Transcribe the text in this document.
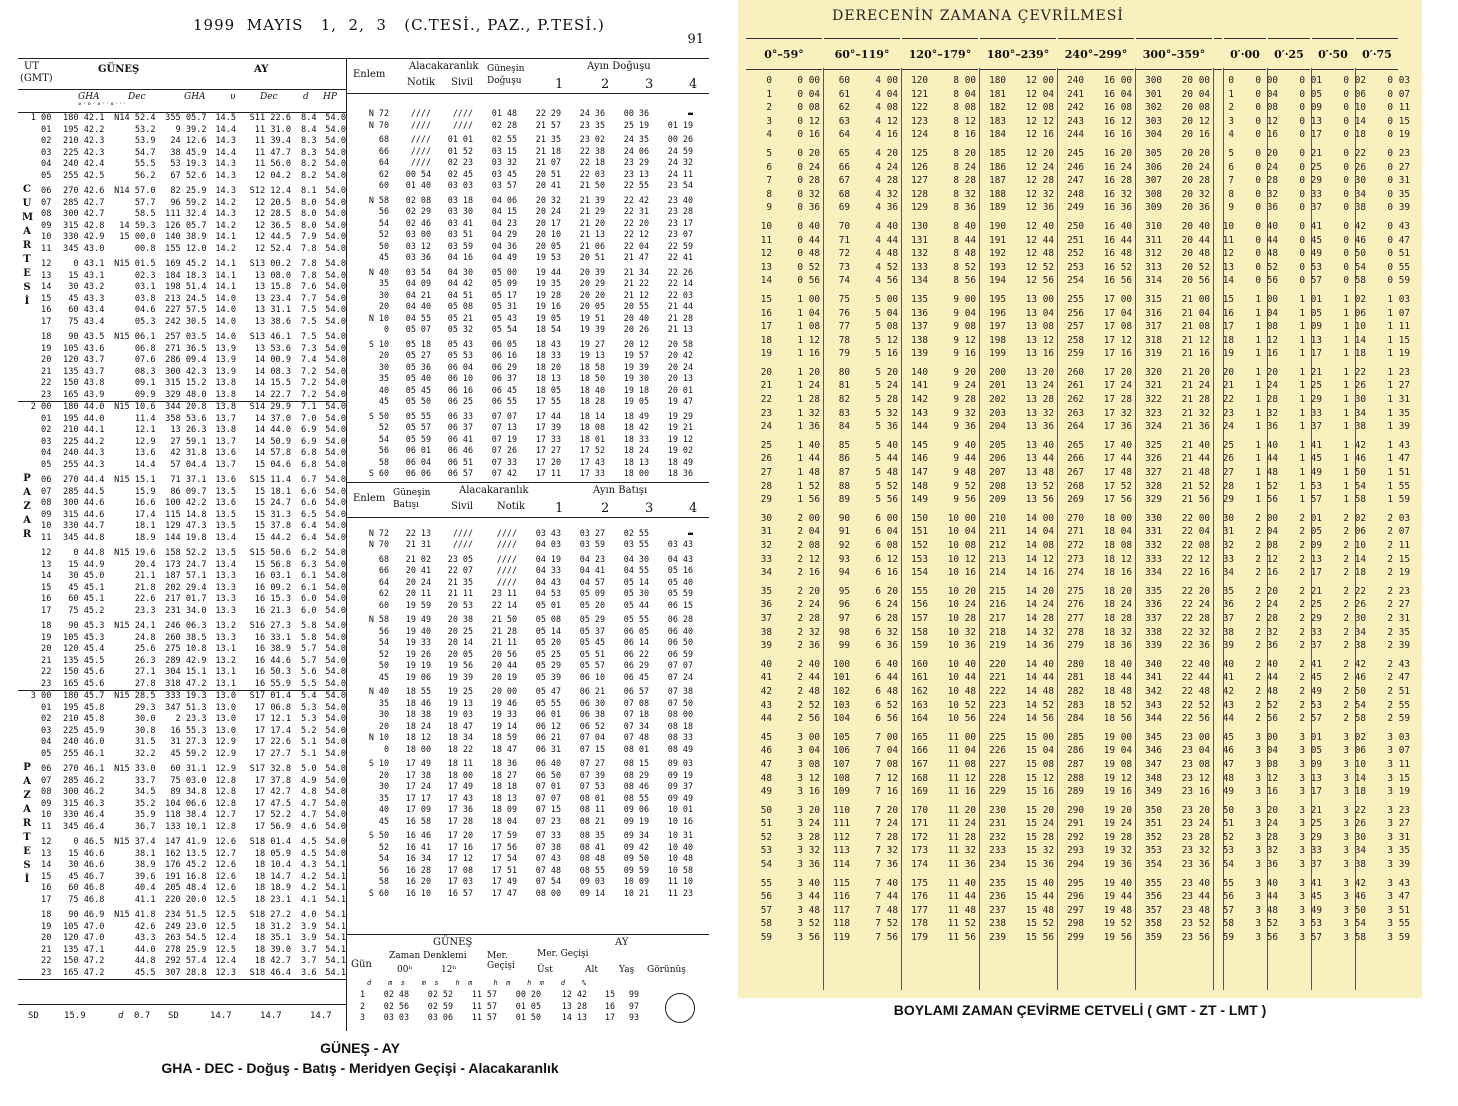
1999  MAYIS   1,  2,  3   (C.TESİ., PAZ., P.TESİ.)
91
UT
(GMT)
GÜNEŞ	AY
GHA	Dec	GHA	υ	Dec	d HP
° ′ ° ′ ° ′ ′ ° ′ ′ ′
1 00	180 42.1	N14 52.4	355 05.7	14.5	S11 22.6	8.4	54.0
01	195 42.2	53.2	9 39.2	14.4	11 31.0	8.4	54.0
02	210 42.3	53.9	24 12.6	14.3	11 39.4	8.3	54.0
03	225 42.3	54.7	38 45.9	14.4	11 47.7	8.3	54.0
04	240 42.4	55.5	53 19.3	14.3	11 56.0	8.2	54.0
05	255 42.5	56.2	67 52.6	14.3	12 04.2	8.2	54.0
06	270 42.6	N14 57.0	82 25.9	14.3	S12 12.4	8.1	54.0
07	285 42.7	57.7	96 59.2	14.2	12 20.5	8.0	54.0
08	300 42.7	58.5	111 32.4	14.3	12 28.5	8.0	54.0
09	315 42.8	14 59.3	126 05.7	14.2	12 36.5	8.0	54.0
10	330 42.9	15 00.0	140 38.9	14.1	12 44.5	7.9	54.0
11	345 43.0	00.8	155 12.0	14.2	12 52.4	7.8	54.0
12	0 43.1	N15 01.5	169 45.2	14.1	S13 00.2	7.8	54.0
13	15 43.1	02.3	184 18.3	14.1	13 08.0	7.8	54.0
14	30 43.2	03.1	198 51.4	14.1	13 15.8	7.6	54.0
15	45 43.3	03.8	213 24.5	14.0	13 23.4	7.7	54.0
16	60 43.4	04.6	227 57.5	14.0	13 31.1	7.5	54.0
17	75 43.4	05.3	242 30.5	14.0	13 38.6	7.5	54.0
18	90 43.5	N15 06.1	257 03.5	14.0	S13 46.1	7.5	54.0
19	105 43.6	06.8	271 36.5	13.9	13 53.6	7.3	54.0
20	120 43.7	07.6	286 09.4	13.9	14 00.9	7.4	54.0
21	135 43.7	08.3	300 42.3	13.9	14 08.3	7.2	54.0
22	150 43.8	09.1	315 15.2	13.8	14 15.5	7.2	54.0
23	165 43.9	09.9	329 48.0	13.8	14 22.7	7.2	54.0
C U M A R T E S İ
2 00	180 44.0	N15 10.6	344 20.8	13.8	S14 29.9	7.1	54.0
01	195 44.0	11.4	358 53.6	13.7	14 37.0	7.0	54.0
02	210 44.1	12.1	13 26.3	13.8	14 44.0	6.9	54.0
03	225 44.2	12.9	27 59.1	13.7	14 50.9	6.9	54.0
04	240 44.3	13.6	42 31.8	13.6	14 57.8	6.8	54.0
05	255 44.3	14.4	57 04.4	13.7	15 04.6	6.8	54.0
06	270 44.4	N15 15.1	71 37.1	13.6	S15 11.4	6.7	54.0
07	285 44.5	15.9	86 09.7	13.5	15 18.1	6.6	54.0
08	300 44.6	16.6	100 42.2	13.6	15 24.7	6.6	54.0
09	315 44.6	17.4	115 14.8	13.5	15 31.3	6.5	54.0
10	330 44.7	18.1	129 47.3	13.5	15 37.8	6.4	54.0
11	345 44.8	18.9	144 19.8	13.4	15 44.2	6.4	54.0
12	0 44.8	N15 19.6	158 52.2	13.5	S15 50.6	6.2	54.0
13	15 44.9	20.4	173 24.7	13.4	15 56.8	6.3	54.0
14	30 45.0	21.1	187 57.1	13.3	16 03.1	6.1	54.0
15	45 45.1	21.8	202 29.4	13.3	16 09.2	6.1	54.0
16	60 45.1	22.6	217 01.7	13.3	16 15.3	6.0	54.0
17	75 45.2	23.3	231 34.0	13.3	16 21.3	6.0	54.0
18	90 45.3	N15 24.1	246 06.3	13.2	S16 27.3	5.8	54.0
19	105 45.3	24.8	260 38.5	13.3	16 33.1	5.8	54.0
20	120 45.4	25.6	275 10.8	13.1	16 38.9	5.7	54.0
21	135 45.5	26.3	289 42.9	13.2	16 44.6	5.7	54.0
22	150 45.6	27.1	304 15.1	13.1	16 50.3	5.6	54.0
23	165 45.6	27.8	318 47.2	13.1	16 55.9	5.5	54.0
P A Z A R
3 00	180 45.7	N15 28.5	333 19.3	13.0	S17 01.4	5.4	54.0
01	195 45.8	29.3	347 51.3	13.0	17 06.8	5.3	54.0
02	210 45.8	30.0	2 23.3	13.0	17 12.1	5.3	54.0
03	225 45.9	30.8	16 55.3	13.0	17 17.4	5.2	54.0
04	240 46.0	31.5	31 27.3	12.9	17 22.6	5.1	54.0
05	255 46.1	32.2	45 59.2	12.9	17 27.7	5.1	54.0
06	270 46.1	N15 33.0	60 31.1	12.9	S17 32.8	5.0	54.0
07	285 46.2	33.7	75 03.0	12.8	17 37.8	4.9	54.0
08	300 46.2	34.5	89 34.8	12.8	17 42.7	4.8	54.0
09	315 46.3	35.2	104 06.6	12.8	17 47.5	4.7	54.0
10	330 46.4	35.9	118 38.4	12.7	17 52.2	4.7	54.0
11	345 46.4	36.7	133 10.1	12.8	17 56.9	4.6	54.0
12	0 46.5	N15 37.4	147 41.9	12.6	S18 01.4	4.5	54.0
13	15 46.6	38.1	162 13.5	12.7	18 05.9	4.5	54.0
14	30 46.6	38.9	176 45.2	12.6	18 10.4	4.3	54.1
15	45 46.7	39.6	191 16.8	12.6	18 14.7	4.2	54.1
16	60 46.8	40.4	205 48.4	12.6	18 18.9	4.2	54.1
17	75 46.8	41.1	220 20.0	12.5	18 23.1	4.1	54.1
18	90 46.9	N15 41.8	234 51.5	12.5	S18 27.2	4.0	54.1
19	105 47.0	42.6	249 23.0	12.5	18 31.2	3.9	54.1
20	120 47.0	43.3	263 54.5	12.4	18 35.1	3.9	54.1
21	135 47.1	44.0	278 25.9	12.5	18 39.0	3.7	54.1
22	150 47.2	44.8	292 57.4	12.4	18 42.7	3.7	54.1
23	165 47.2	45.5	307 28.8	12.3	S18 46.4	3.6	54.1
P A Z A R T E S İ
SD	15.9	d 0.7 SD	14.7	14.7	14.7
Enlem
Alacakaranlık
Notik Sivil
Güneşin Doğuşu
Ayın Doğuşu
1	2	3	4
N 72	////	////	01 48	22 29	24 36	00 36	▬
N 70	////	////	02 28	21 57	23 35	25 19	01 19
68	////	01 01	02 55	21 35	23 02	24 35	00 26
66	////	01 52	03 15	21 18	22 38	24 06	24 59
64	////	02 23	03 32	21 07	22 18	23 29	24 32
62	00 54	02 45	03 45	20 51	22 03	23 13	24 11
60	01 40	03 03	03 57	20 41	21 50	22 55	23 54
N 58	02 08	03 18	04 06	20 32	21 39	22 42	23 40
56	02 29	03 30	04 15	20 24	21 29	22 31	23 28
54	02 46	03 41	04 23	20 17	21 20	22 20	23 17
52	03 00	03 51	04 29	20 10	21 13	22 12	23 07
50	03 12	03 59	04 36	20 05	21 06	22 04	22 59
45	03 36	04 16	04 49	19 53	20 51	21 47	22 41
N 40	03 54	04 30	05 00	19 44	20 39	21 34	22 26
35	04 09	04 42	05 09	19 35	20 29	21 22	22 14
30	04 21	04 51	05 17	19 28	20 20	21 12	22 03
20	04 40	05 08	05 31	19 16	20 05	20 55	21 44
N 10	04 55	05 21	05 43	19 05	19 51	20 40	21 28
0	05 07	05 32	05 54	18 54	19 39	20 26	21 13
S 10	05 18	05 43	06 05	18 43	19 27	20 12	20 58
20	05 27	05 53	06 16	18 33	19 13	19 57	20 42
30	05 36	06 04	06 29	18 20	18 58	19 39	20 24
35	05 40	06 10	06 37	18 13	18 50	19 30	20 13
40	05 45	06 16	06 45	18 05	18 40	19 18	20 01
45	05 50	06 25	06 55	17 55	18 28	19 05	19 47
S 50	05 55	06 33	07 07	17 44	18 14	18 49	19 29
52	05 57	06 37	07 13	17 39	18 08	18 42	19 21
54	05 59	06 41	07 19	17 33	18 01	18 33	19 12
56	06 01	06 46	07 26	17 27	17 52	18 24	19 02
58	06 04	06 51	07 33	17 20	17 43	18 13	18 49
S 60	06 06	06 57	07 42	17 11	17 33	18 00	18 36
Enlem Güneşin Batışı
Alacakaranlık
Sivil Notik
Ayın Batışı
1	2	3	4
N 72	22 13	////	////	03 43	03 27	02 55	▬
N 70	21 31	////	////	04 03	03 59	03 55	03 43
68	21 02	23 05	////	04 19	04 23	04 30	04 43
66	20 41	22 07	////	04 33	04 41	04 55	05 16
64	20 24	21 35	////	04 43	04 57	05 14	05 40
62	20 11	21 11	23 11	04 53	05 09	05 30	05 59
60	19 59	20 53	22 14	05 01	05 20	05 44	06 15
N 58	19 49	20 38	21 50	05 08	05 29	05 55	06 28
56	19 40	20 25	21 28	05 14	05 37	06 05	06 40
54	19 33	20 14	21 11	05 20	05 45	06 14	06 50
52	19 26	20 05	20 56	05 25	05 51	06 22	06 59
50	19 19	19 56	20 44	05 29	05 57	06 29	07 07
45	19 06	19 39	20 19	05 39	06 10	06 45	07 24
N 40	18 55	19 25	20 00	05 47	06 21	06 57	07 38
35	18 46	19 13	19 46	05 55	06 30	07 08	07 50
30	18 38	19 03	19 33	06 01	06 38	07 18	08 00
20	18 24	18 47	19 14	06 12	06 52	07 34	08 18
N 10	18 12	18 34	18 59	06 21	07 04	07 48	08 33
0	18 00	18 22	18 47	06 31	07 15	08 01	08 49
S 10	17 49	18 11	18 36	06 40	07 27	08 15	09 03
20	17 38	18 00	18 27	06 50	07 39	08 29	09 19
30	17 24	17 49	18 18	07 01	07 53	08 46	09 37
35	17 17	17 43	18 13	07 07	08 01	08 55	09 49
40	17 09	17 36	18 09	07 15	08 11	09 06	10 01
45	16 58	17 28	18 04	07 23	08 21	09 19	10 16
S 50	16 46	17 20	17 59	07 33	08 35	09 34	10 31
52	16 41	17 16	17 56	07 38	08 41	09 42	10 40
54	16 34	17 12	17 54	07 43	08 48	09 50	10 48
56	16 28	17 08	17 51	07 48	08 55	09 59	10 58
58	16 20	17 03	17 49	07 54	09 03	10 09	11 10
S 60	16 10	16 57	17 47	08 00	09 14	10 21	11 23
Gün
GÜNEŞ
Zaman Denklemi
00ʰ	12ʰ
Mer. Geçişi
AY
Mer. Geçişi
Üst	Alt Yaş Görünüş
d    m  s    m  s    h  m     h  m    h  m    d    %
1	02 48	02 52	11 57	00 20	12 42	15	99
2	02 56	02 59	11 57	01 05	13 28	16	97
3	03 03	03 06	11 57	01 50	14 13	17	93
GÜNEŞ - AY
GHA - DEC - Doğuş - Batış - Meridyen Geçişi - Alacakaranlık
DERECENİN ZAMANA ÇEVRİLMESİ
0°–59°	60°–119°	120°–179°	180°–239°	240°–299°	300°–359°	0′·00	0′·25	0′·50	0′·75
0	0 00	60	4 00	120	8 00	180	12 00	240	16 00	300	20 00	0	0 00	0 01	0 02	0 03
1	0 04	61	4 04	121	8 04	181	12 04	241	16 04	301	20 04	1	0 04	0 05	0 06	0 07
2	0 08	62	4 08	122	8 08	182	12 08	242	16 08	302	20 08	2	0 08	0 09	0 10	0 11
3	0 12	63	4 12	123	8 12	183	12 12	243	16 12	303	20 12	3	0 12	0 13	0 14	0 15
4	0 16	64	4 16	124	8 16	184	12 16	244	16 16	304	20 16	4	0 16	0 17	0 18	0 19
5	0 20	65	4 20	125	8 20	185	12 20	245	16 20	305	20 20	5	0 20	0 21	0 22	0 23
6	0 24	66	4 24	126	8 24	186	12 24	246	16 24	306	20 24	6	0 24	0 25	0 26	0 27
7	0 28	67	4 28	127	8 28	187	12 28	247	16 28	307	20 28	7	0 28	0 29	0 30	0 31
8	0 32	68	4 32	128	8 32	188	12 32	248	16 32	308	20 32	8	0 32	0 33	0 34	0 35
9	0 36	69	4 36	129	8 36	189	12 36	249	16 36	309	20 36	9	0 36	0 37	0 38	0 39
10	0 40	70	4 40	130	8 40	190	12 40	250	16 40	310	20 40	10	0 40	0 41	0 42	0 43
11	0 44	71	4 44	131	8 44	191	12 44	251	16 44	311	20 44	11	0 44	0 45	0 46	0 47
12	0 48	72	4 48	132	8 48	192	12 48	252	16 48	312	20 48	12	0 48	0 49	0 50	0 51
13	0 52	73	4 52	133	8 52	193	12 52	253	16 52	313	20 52	13	0 52	0 53	0 54	0 55
14	0 56	74	4 56	134	8 56	194	12 56	254	16 56	314	20 56	14	0 56	0 57	0 58	0 59
15	1 00	75	5 00	135	9 00	195	13 00	255	17 00	315	21 00	15	1 00	1 01	1 02	1 03
16	1 04	76	5 04	136	9 04	196	13 04	256	17 04	316	21 04	16	1 04	1 05	1 06	1 07
17	1 08	77	5 08	137	9 08	197	13 08	257	17 08	317	21 08	17	1 08	1 09	1 10	1 11
18	1 12	78	5 12	138	9 12	198	13 12	258	17 12	318	21 12	18	1 12	1 13	1 14	1 15
19	1 16	79	5 16	139	9 16	199	13 16	259	17 16	319	21 16	19	1 16	1 17	1 18	1 19
20	1 20	80	5 20	140	9 20	200	13 20	260	17 20	320	21 20	20	1 20	1 21	1 22	1 23
21	1 24	81	5 24	141	9 24	201	13 24	261	17 24	321	21 24	21	1 24	1 25	1 26	1 27
22	1 28	82	5 28	142	9 28	202	13 28	262	17 28	322	21 28	22	1 28	1 29	1 30	1 31
23	1 32	83	5 32	143	9 32	203	13 32	263	17 32	323	21 32	23	1 32	1 33	1 34	1 35
24	1 36	84	5 36	144	9 36	204	13 36	264	17 36	324	21 36	24	1 36	1 37	1 38	1 39
25	1 40	85	5 40	145	9 40	205	13 40	265	17 40	325	21 40	25	1 40	1 41	1 42	1 43
26	1 44	86	5 44	146	9 44	206	13 44	266	17 44	326	21 44	26	1 44	1 45	1 46	1 47
27	1 48	87	5 48	147	9 48	207	13 48	267	17 48	327	21 48	27	1 48	1 49	1 50	1 51
28	1 52	88	5 52	148	9 52	208	13 52	268	17 52	328	21 52	28	1 52	1 53	1 54	1 55
29	1 56	89	5 56	149	9 56	209	13 56	269	17 56	329	21 56	29	1 56	1 57	1 58	1 59
30	2 00	90	6 00	150	10 00	210	14 00	270	18 00	330	22 00	30	2 00	2 01	2 02	2 03
31	2 04	91	6 04	151	10 04	211	14 04	271	18 04	331	22 04	31	2 04	2 05	2 06	2 07
32	2 08	92	6 08	152	10 08	212	14 08	272	18 08	332	22 08	32	2 08	2 09	2 10	2 11
33	2 12	93	6 12	153	10 12	213	14 12	273	18 12	333	22 12	33	2 12	2 13	2 14	2 15
34	2 16	94	6 16	154	10 16	214	14 16	274	18 16	334	22 16	34	2 16	2 17	2 18	2 19
35	2 20	95	6 20	155	10 20	215	14 20	275	18 20	335	22 20	35	2 20	2 21	2 22	2 23
36	2 24	96	6 24	156	10 24	216	14 24	276	18 24	336	22 24	36	2 24	2 25	2 26	2 27
37	2 28	97	6 28	157	10 28	217	14 28	277	18 28	337	22 28	37	2 28	2 29	2 30	2 31
38	2 32	98	6 32	158	10 32	218	14 32	278	18 32	338	22 32	38	2 32	2 33	2 34	2 35
39	2 36	99	6 36	159	10 36	219	14 36	279	18 36	339	22 36	39	2 36	2 37	2 38	2 39
40	2 40	100	6 40	160	10 40	220	14 40	280	18 40	340	22 40	40	2 40	2 41	2 42	2 43
41	2 44	101	6 44	161	10 44	221	14 44	281	18 44	341	22 44	41	2 44	2 45	2 46	2 47
42	2 48	102	6 48	162	10 48	222	14 48	282	18 48	342	22 48	42	2 48	2 49	2 50	2 51
43	2 52	103	6 52	163	10 52	223	14 52	283	18 52	343	22 52	43	2 52	2 53	2 54	2 55
44	2 56	104	6 56	164	10 56	224	14 56	284	18 56	344	22 56	44	2 56	2 57	2 58	2 59
45	3 00	105	7 00	165	11 00	225	15 00	285	19 00	345	23 00	45	3 00	3 01	3 02	3 03
46	3 04	106	7 04	166	11 04	226	15 04	286	19 04	346	23 04	46	3 04	3 05	3 06	3 07
47	3 08	107	7 08	167	11 08	227	15 08	287	19 08	347	23 08	47	3 08	3 09	3 10	3 11
48	3 12	108	7 12	168	11 12	228	15 12	288	19 12	348	23 12	48	3 12	3 13	3 14	3 15
49	3 16	109	7 16	169	11 16	229	15 16	289	19 16	349	23 16	49	3 16	3 17	3 18	3 19
50	3 20	110	7 20	170	11 20	230	15 20	290	19 20	350	23 20	50	3 20	3 21	3 22	3 23
51	3 24	111	7 24	171	11 24	231	15 24	291	19 24	351	23 24	51	3 24	3 25	3 26	3 27
52	3 28	112	7 28	172	11 28	232	15 28	292	19 28	352	23 28	52	3 28	3 29	3 30	3 31
53	3 32	113	7 32	173	11 32	233	15 32	293	19 32	353	23 32	53	3 32	3 33	3 34	3 35
54	3 36	114	7 36	174	11 36	234	15 36	294	19 36	354	23 36	54	3 36	3 37	3 38	3 39
55	3 40	115	7 40	175	11 40	235	15 40	295	19 40	355	23 40	55	3 40	3 41	3 42	3 43
56	3 44	116	7 44	176	11 44	236	15 44	296	19 44	356	23 44	56	3 44	3 45	3 46	3 47
57	3 48	117	7 48	177	11 48	237	15 48	297	19 48	357	23 48	57	3 48	3 49	3 50	3 51
58	3 52	118	7 52	178	11 52	238	15 52	298	19 52	358	23 52	58	3 52	3 53	3 54	3 55
59	3 56	119	7 56	179	11 56	239	15 56	299	19 56	359	23 56	59	3 56	3 57	3 58	3 59
BOYLAMI ZAMAN ÇEVİRME CETVELİ ( GMT - ZT - LMT )
